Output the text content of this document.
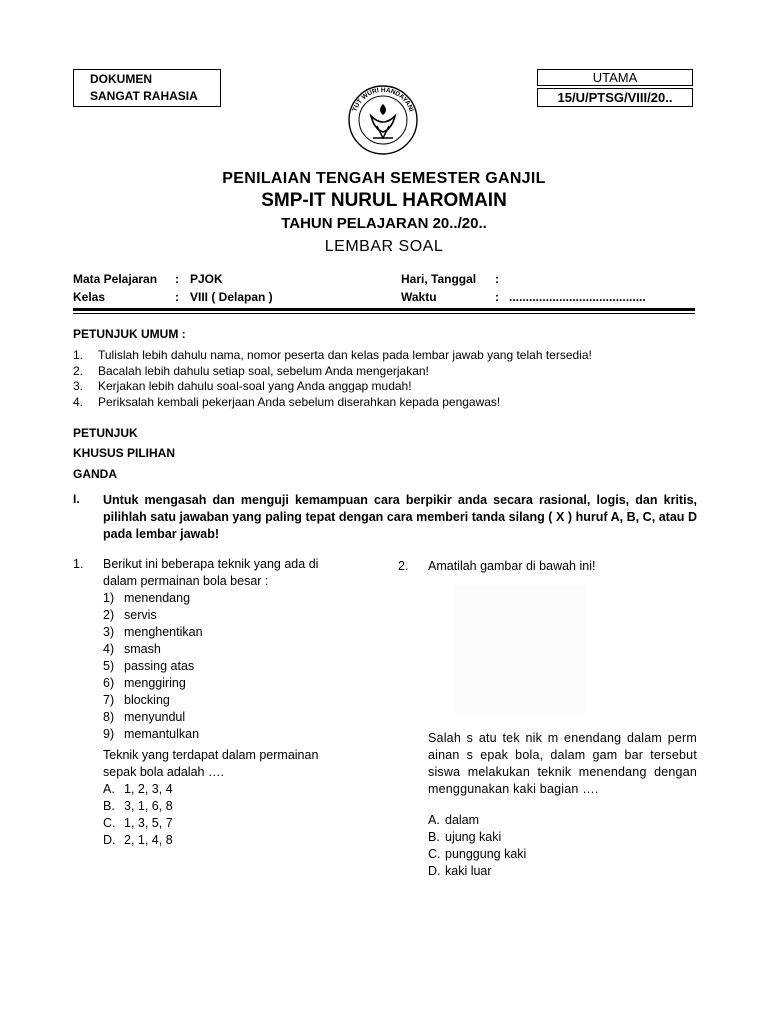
DOKUMEN
SANGAT RAHASIA
UTAMA
15/U/PTSG/VIII/20..
TUT WURI HANDAYANI
PENILAIAN TENGAH SEMESTER GANJIL
SMP-IT NURUL HAROMAIN
TAHUN PELAJARAN 20../20..
LEMBAR SOAL
Mata Pelajaran : PJOK
Kelas	: VIII ( Delapan )
Hari, Tanggal :
Waktu	: .........................................
PETUNJUK UMUM :
1.	Tulislah lebih dahulu nama, nomor peserta dan kelas pada lembar jawab yang telah tersedia!
2.	Bacalah lebih dahulu setiap soal, sebelum Anda mengerjakan!
3.	Kerjakan lebih dahulu soal-soal yang Anda anggap mudah!
4.	Periksalah kembali pekerjaan Anda sebelum diserahkan kepada pengawas!
PETUNJUK
KHUSUS PILIHAN
GANDA
I. Untuk mengasah dan menguji kemampuan cara berpikir anda secara rasional, logis, dan kritis, pilihlah satu jawaban yang paling tepat dengan cara memberi tanda silang ( X ) huruf A, B, C, atau D pada lembar jawab!
1. Berikut ini beberapa teknik yang ada di dalam permainan bola besar :
1) menendang
2) servis
3) menghentikan
4) smash
5) passing atas
6) menggiring
7) blocking
8) menyundul
9) memantulkan
Teknik yang terdapat dalam permainan sepak bola adalah ….
A. 1, 2, 3, 4
B. 3, 1, 6, 8
C. 1, 3, 5, 7
D. 2, 1, 4, 8
2. Amatilah gambar di bawah ini!
Salah s atu tek nik m enendang dalam perm ainan s epak bola, dalam gam bar tersebut siswa melakukan teknik menendang dengan menggunakan kaki bagian ….
A. dalam
B. ujung kaki
C. punggung kaki
D. kaki luar
